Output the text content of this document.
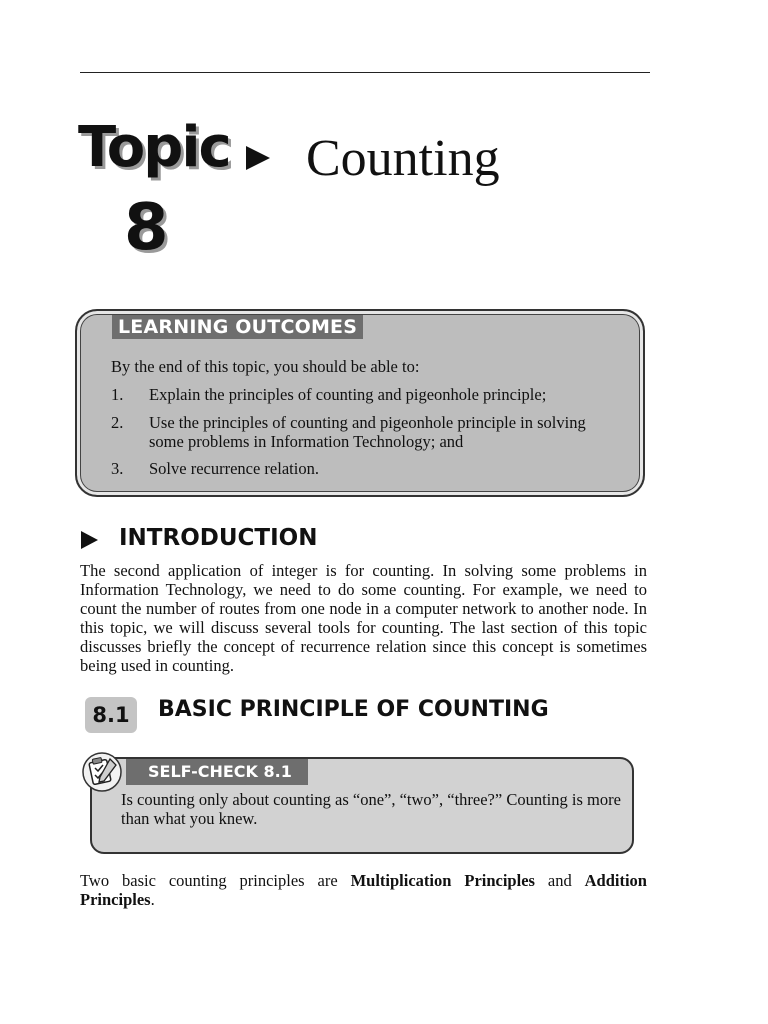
Topic
8
Counting
LEARNING OUTCOMES
By the end of this topic, you should be able to:
1. Explain the principles of counting and pigeonhole principle;
2. Use the principles of counting and pigeonhole principle in solving some problems in Information Technology; and
3. Solve recurrence relation.
INTRODUCTION
The second application of integer is for counting. In solving some problems in Information Technology, we need to do some counting. For example, we need to count the number of routes from one node in a computer network to another node. In this topic, we will discuss several tools for counting. The last section of this topic discusses briefly the concept of recurrence relation since this concept is sometimes being used in counting.
8.1	BASIC PRINCIPLE OF COUNTING
SELF-CHECK 8.1
Is counting only about counting as “one”, “two”, “three?” Counting is more than what you knew.
Two basic counting principles are Multiplication Principles and Addition Principles.
